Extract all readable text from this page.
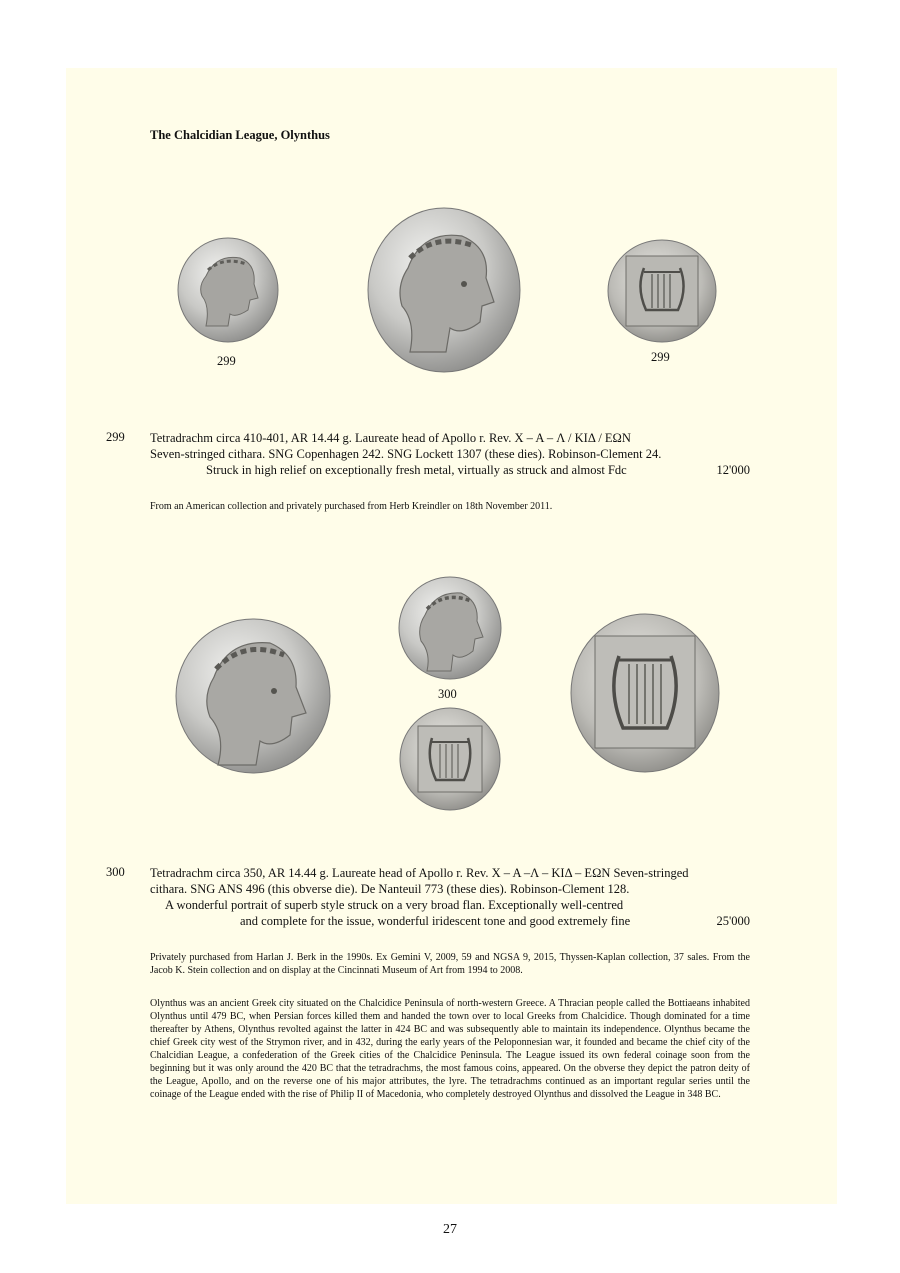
The Chalcidian League, Olynthus
299	299
299 Tetradrachm circa 410-401, AR 14.44 g. Laureate head of Apollo r. Rev. X – A – Λ / KIΔ / EΩN
Seven-stringed cithara. SNG Copenhagen 242. SNG Lockett 1307 (these dies). Robinson-Clement 24.
Struck in high relief on exceptionally fresh metal, virtually as struck and almost Fdc	12'000
From an American collection and privately purchased from Herb Kreindler on 18th November 2011.
300
300 Tetradrachm circa 350, AR 14.44 g. Laureate head of Apollo r. Rev. X – A –Λ – KIΔ – EΩN Seven-stringed
cithara. SNG ANS 496 (this obverse die). De Nanteuil 773 (these dies). Robinson-Clement 128.
A wonderful portrait of superb style struck on a very broad flan. Exceptionally well-centred
and complete for the issue, wonderful iridescent tone and good extremely fine	25'000
Privately purchased from Harlan J. Berk in the 1990s. Ex Gemini V, 2009, 59 and NGSA 9, 2015, Thyssen-Kaplan collection, 37 sales. From the Jacob K. Stein collection and on display at the Cincinnati Museum of Art from 1994 to 2008.
Olynthus was an ancient Greek city situated on the Chalcidice Peninsula of north-western Greece. A Thracian people called the Bottiaeans inhabited Olynthus until 479 BC, when Persian forces killed them and handed the town over to local Greeks from Chalcidice. Though dominated for a time thereafter by Athens, Olynthus revolted against the latter in 424 BC and was subsequently able to maintain its independence. Olynthus became the chief Greek city west of the Strymon river, and in 432, during the early years of the Peloponnesian war, it founded and became the chief city of the Chalcidian League, a confederation of the Greek cities of the Chalcidice Peninsula. The League issued its own federal coinage soon from the beginning but it was only around the 420 BC that the tetradrachms, the most famous coins, appeared. On the obverse they depict the patron deity of the League, Apollo, and on the reverse one of his major attributes, the lyre. The tetradrachms continued as an important regular series until the coinage of the League ended with the rise of Philip II of Macedonia, who completely destroyed Olynthus and dissolved the League in 348 BC.
27
